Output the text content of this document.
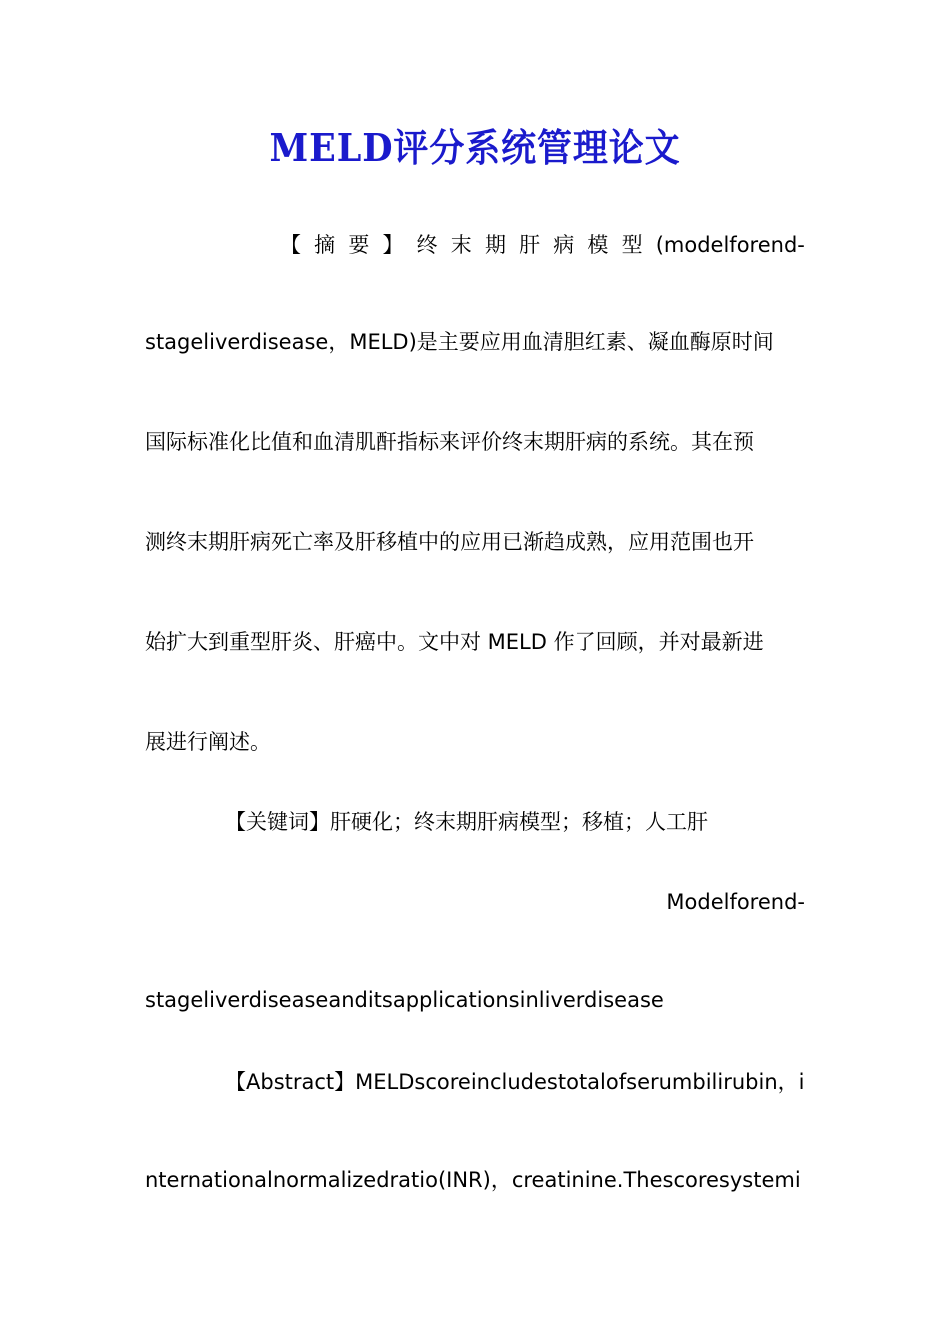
MELD评分系统管理论文
【 摘 要 】 终 末 期 肝 病 模 型 (modelforend-
stageliverdisease，MELD)是主要应用血清胆红素、凝血酶原时间
国际标准化比值和血清肌酐指标来评价终末期肝病的系统。其在预
测终末期肝病死亡率及肝移植中的应用已渐趋成熟，应用范围也开
始扩大到重型肝炎、肝癌中。文中对 MELD 作了回顾，并对最新进
展进行阐述。
【关键词】肝硬化；终末期肝病模型；移植；人工肝
Modelforend-
stageliverdiseaseanditsapplicationsinliverdisease
【Abstract】MELDscoreincludestotalofserumbilirubin，i
nternationalnormalizedratio(INR)，creatinine.Thescoresystemi
